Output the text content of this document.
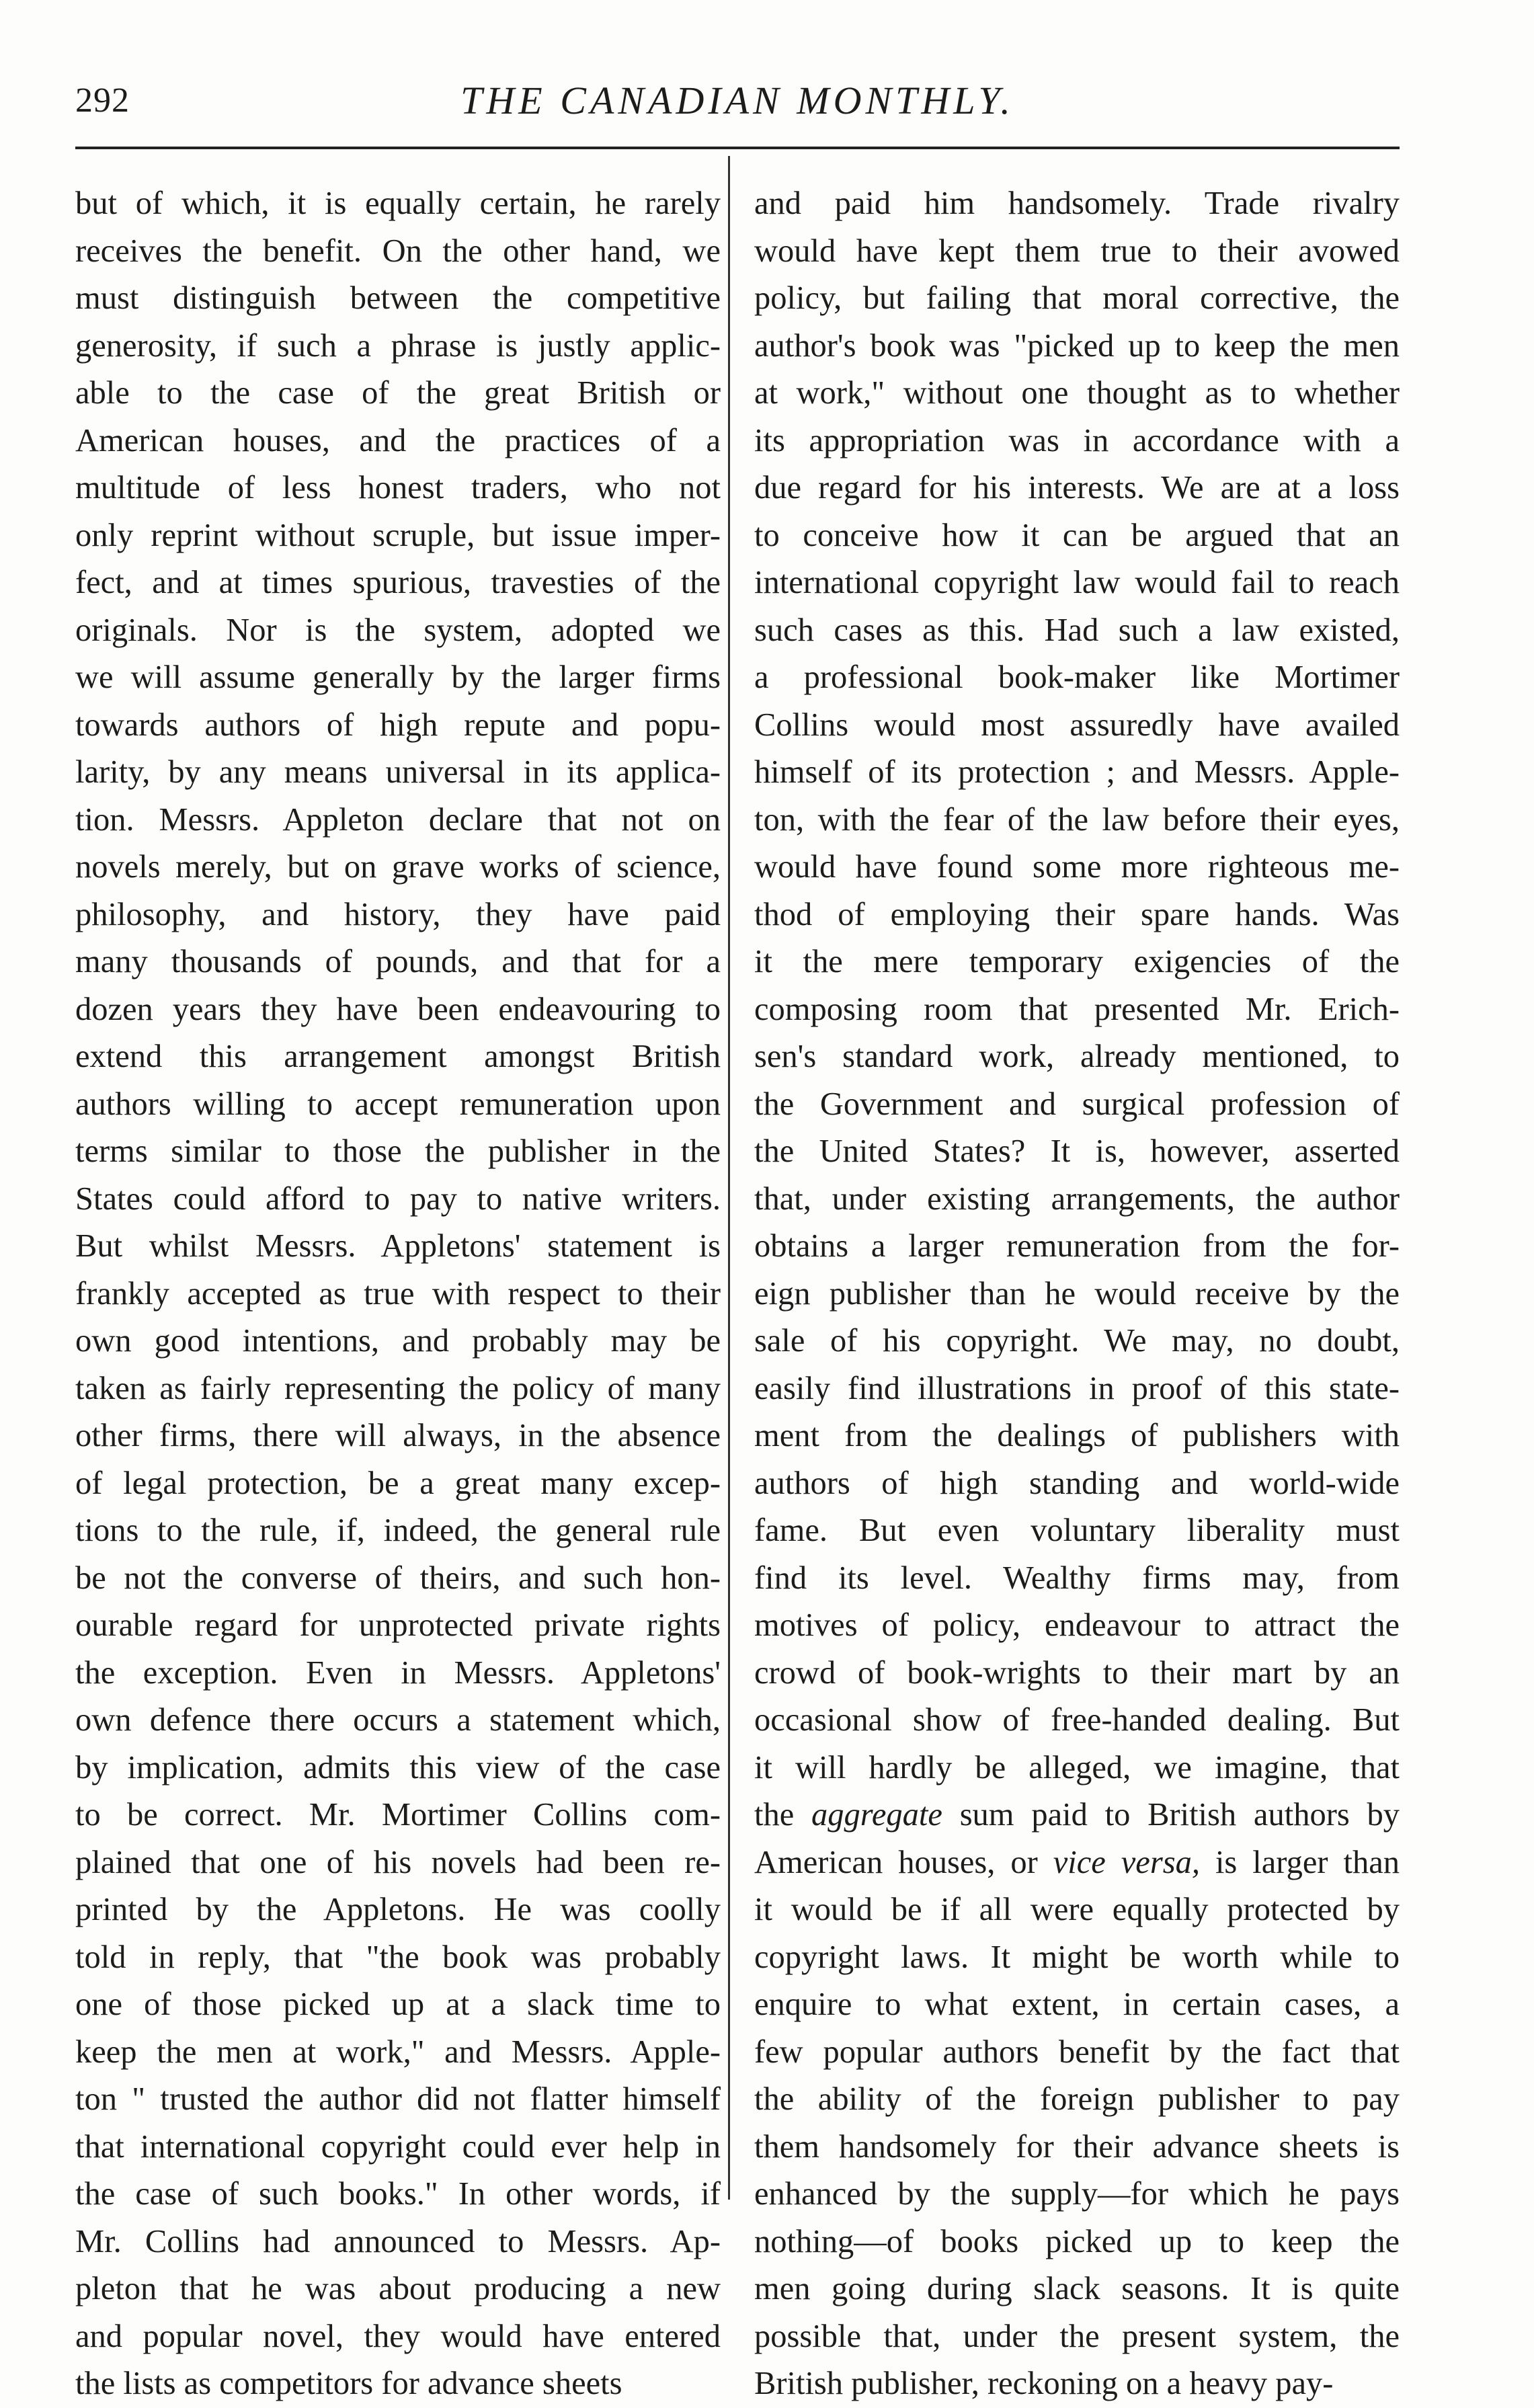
292	THE CANADIAN MONTHLY.
but of which, it is equally certain, he rarely
receives the benefit. On the other hand, we
must distinguish between the competitive
generosity, if such a phrase is justly applic-
able to the case of the great British or
American houses, and the practices of a
multitude of less honest traders, who not
only reprint without scruple, but issue imper-
fect, and at times spurious, travesties of the
originals. Nor is the system, adopted we
we will assume generally by the larger firms
towards authors of high repute and popu-
larity, by any means universal in its applica-
tion. Messrs. Appleton declare that not on
novels merely, but on grave works of science,
philosophy, and history, they have paid
many thousands of pounds, and that for a
dozen years they have been endeavouring to
extend this arrangement amongst British
authors willing to accept remuneration upon
terms similar to those the publisher in the
States could afford to pay to native writers.
But whilst Messrs. Appletons' statement is
frankly accepted as true with respect to their
own good intentions, and probably may be
taken as fairly representing the policy of many
other firms, there will always, in the absence
of legal protection, be a great many excep-
tions to the rule, if, indeed, the general rule
be not the converse of theirs, and such hon-
ourable regard for unprotected private rights
the exception. Even in Messrs. Appletons'
own defence there occurs a statement which,
by implication, admits this view of the case
to be correct. Mr. Mortimer Collins com-
plained that one of his novels had been re-
printed by the Appletons. He was coolly
told in reply, that "the book was probably
one of those picked up at a slack time to
keep the men at work," and Messrs. Apple-
ton " trusted the author did not flatter himself
that international copyright could ever help in
the case of such books." In other words, if
Mr. Collins had announced to Messrs. Ap-
pleton that he was about producing a new
and popular novel, they would have entered
the lists as competitors for advance sheets
and paid him handsomely. Trade rivalry
would have kept them true to their avowed
policy, but failing that moral corrective, the
author's book was "picked up to keep the men
at work," without one thought as to whether
its appropriation was in accordance with a
due regard for his interests. We are at a loss
to conceive how it can be argued that an
international copyright law would fail to reach
such cases as this. Had such a law existed,
a professional book-maker like Mortimer
Collins would most assuredly have availed
himself of its protection ; and Messrs. Apple-
ton, with the fear of the law before their eyes,
would have found some more righteous me-
thod of employing their spare hands. Was
it the mere temporary exigencies of the
composing room that presented Mr. Erich-
sen's standard work, already mentioned, to
the Government and surgical profession of
the United States? It is, however, asserted
that, under existing arrangements, the author
obtains a larger remuneration from the for-
eign publisher than he would receive by the
sale of his copyright. We may, no doubt,
easily find illustrations in proof of this state-
ment from the dealings of publishers with
authors of high standing and world-wide
fame. But even voluntary liberality must
find its level. Wealthy firms may, from
motives of policy, endeavour to attract the
crowd of book-wrights to their mart by an
occasional show of free-handed dealing. But
it will hardly be alleged, we imagine, that
the aggregate sum paid to British authors by
American houses, or vice versa, is larger than
it would be if all were equally protected by
copyright laws. It might be worth while to
enquire to what extent, in certain cases, a
few popular authors benefit by the fact that
the ability of the foreign publisher to pay
them handsomely for their advance sheets is
enhanced by the supply—for which he pays
nothing—of books picked up to keep the
men going during slack seasons. It is quite
possible that, under the present system, the
British publisher, reckoning on a heavy pay-
